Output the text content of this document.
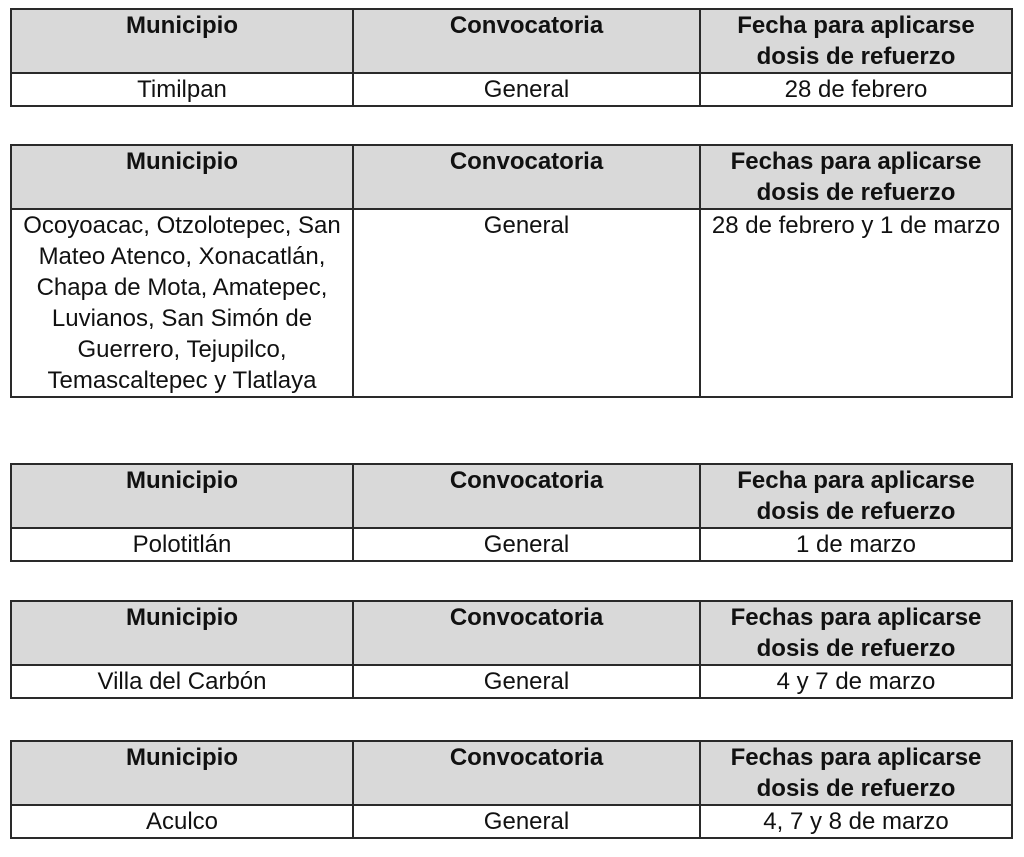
Municipio	Convocatoria	Fecha para aplicarse dosis de refuerzo
Timilpan	General	28 de febrero
Municipio	Convocatoria	Fechas para aplicarse dosis de refuerzo
Ocoyoacac, Otzolotepec, San Mateo Atenco, Xonacatlán, Chapa de Mota, Amatepec, Luvianos, San Simón de Guerrero, Tejupilco, Temascaltepec y Tlatlaya	General	28 de febrero y 1 de marzo
Municipio	Convocatoria	Fecha para aplicarse dosis de refuerzo
Polotitlán	General	1 de marzo
Municipio	Convocatoria	Fechas para aplicarse dosis de refuerzo
Villa del Carbón	General	4 y 7 de marzo
Municipio	Convocatoria	Fechas para aplicarse dosis de refuerzo
Aculco	General	4, 7 y 8 de marzo
